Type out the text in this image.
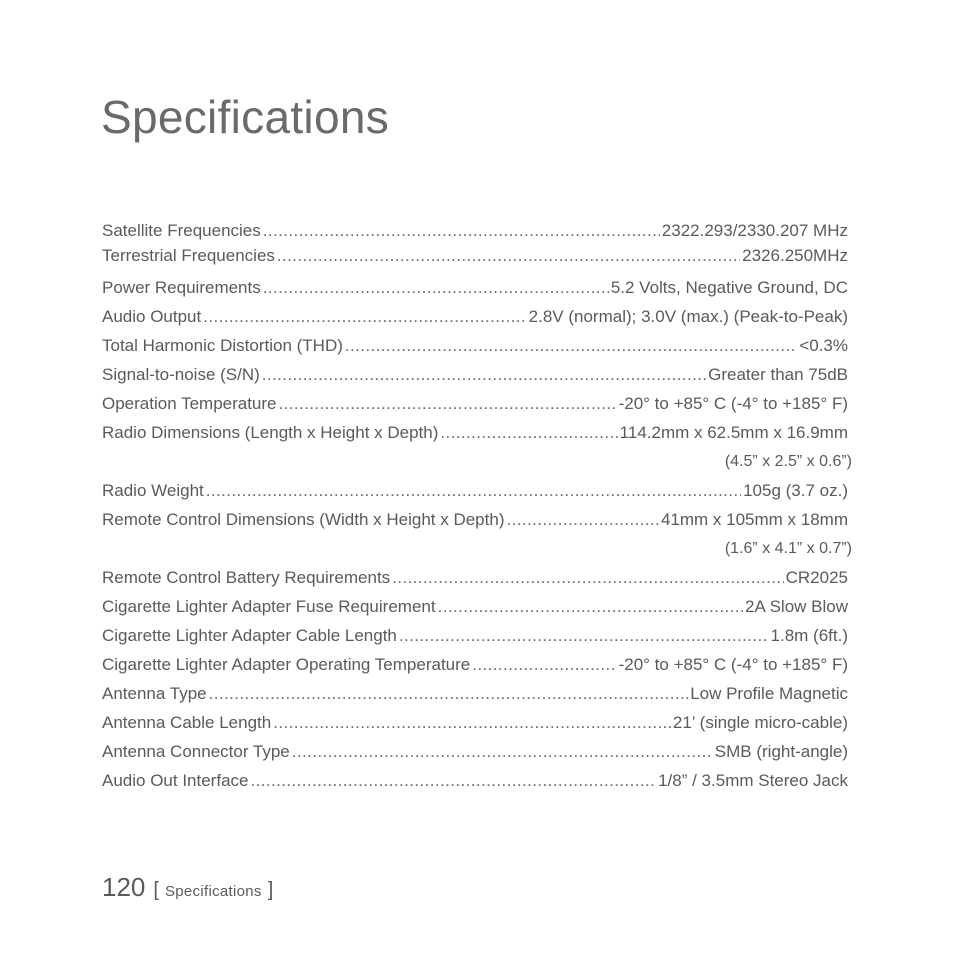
Specifications
Satellite Frequencies .....	2322.293/2330.207 MHz
Terrestrial Frequencies .....	2326.250MHz
Power Requirements .....	5.2 Volts, Negative Ground, DC
Audio Output .....	2.8V (normal); 3.0V (max.) (Peak-to-Peak)
Total Harmonic Distortion (THD) .....	<0.3%
Signal-to-noise (S/N) .....	Greater than 75dB
Operation Temperature .....	-20° to +85° C (-4° to +185° F)
Radio Dimensions (Length x Height x Depth) .....	114.2mm x 62.5mm x 16.9mm
(4.5” x 2.5” x 0.6”)
Radio Weight .....	105g (3.7 oz.)
Remote Control Dimensions (Width x Height x Depth) .....	41mm x 105mm x 18mm
(1.6” x 4.1” x 0.7”)
Remote Control Battery Requirements .....	CR2025
Cigarette Lighter Adapter Fuse Requirement .....	2A Slow Blow
Cigarette Lighter Adapter Cable Length .....	1.8m (6ft.)
Cigarette Lighter Adapter Operating Temperature .....	-20° to +85° C (-4° to +185° F)
Antenna Type .....	Low Profile Magnetic
Antenna Cable Length .....	21’ (single micro-cable)
Antenna Connector Type .....	SMB (right-angle)
Audio Out Interface .....	1/8” / 3.5mm Stereo Jack
120 [ Specifications ]
